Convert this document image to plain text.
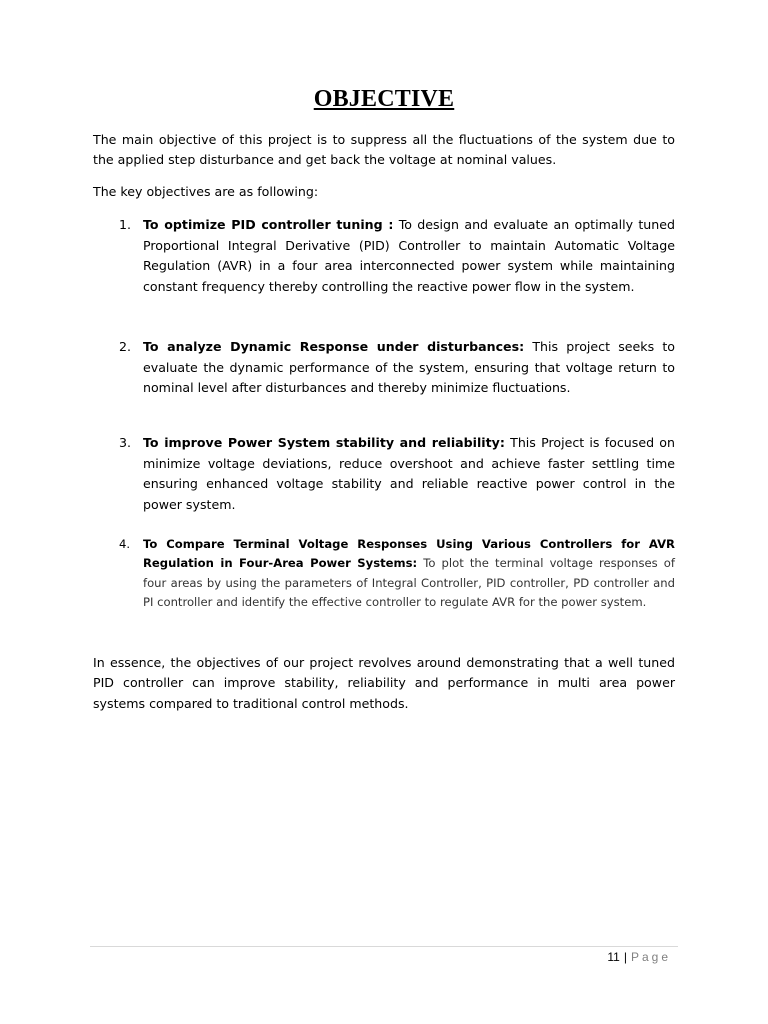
OBJECTIVE

The main objective of this project is to suppress all the fluctuations of the system due to the applied step disturbance and get back the voltage at nominal values.

The key objectives are as following:

1. To optimize PID controller tuning : To design and evaluate an optimally tuned Proportional Integral Derivative (PID) Controller to maintain Automatic Voltage Regulation (AVR) in a four area interconnected power system while maintaining constant frequency thereby controlling the reactive power flow in the system.
2. To analyze Dynamic Response under disturbances: This project seeks to evaluate the dynamic performance of the system, ensuring that voltage return to nominal level after disturbances and thereby minimize fluctuations.
3. To improve Power System stability and reliability: This Project is focused on minimize voltage deviations, reduce overshoot and achieve faster settling time ensuring enhanced voltage stability and reliable reactive power control in the power system.
4. To Compare Terminal Voltage Responses Using Various Controllers for AVR Regulation in Four-Area Power Systems: To plot the terminal voltage responses of four areas by using the parameters of Integral Controller, PID controller, PD controller and PI controller and identify the effective controller to regulate AVR for the power system.

In essence, the objectives of our project revolves around demonstrating that a well tuned PID controller can improve stability, reliability and performance in multi area power systems compared to traditional control methods.

11 | Page
